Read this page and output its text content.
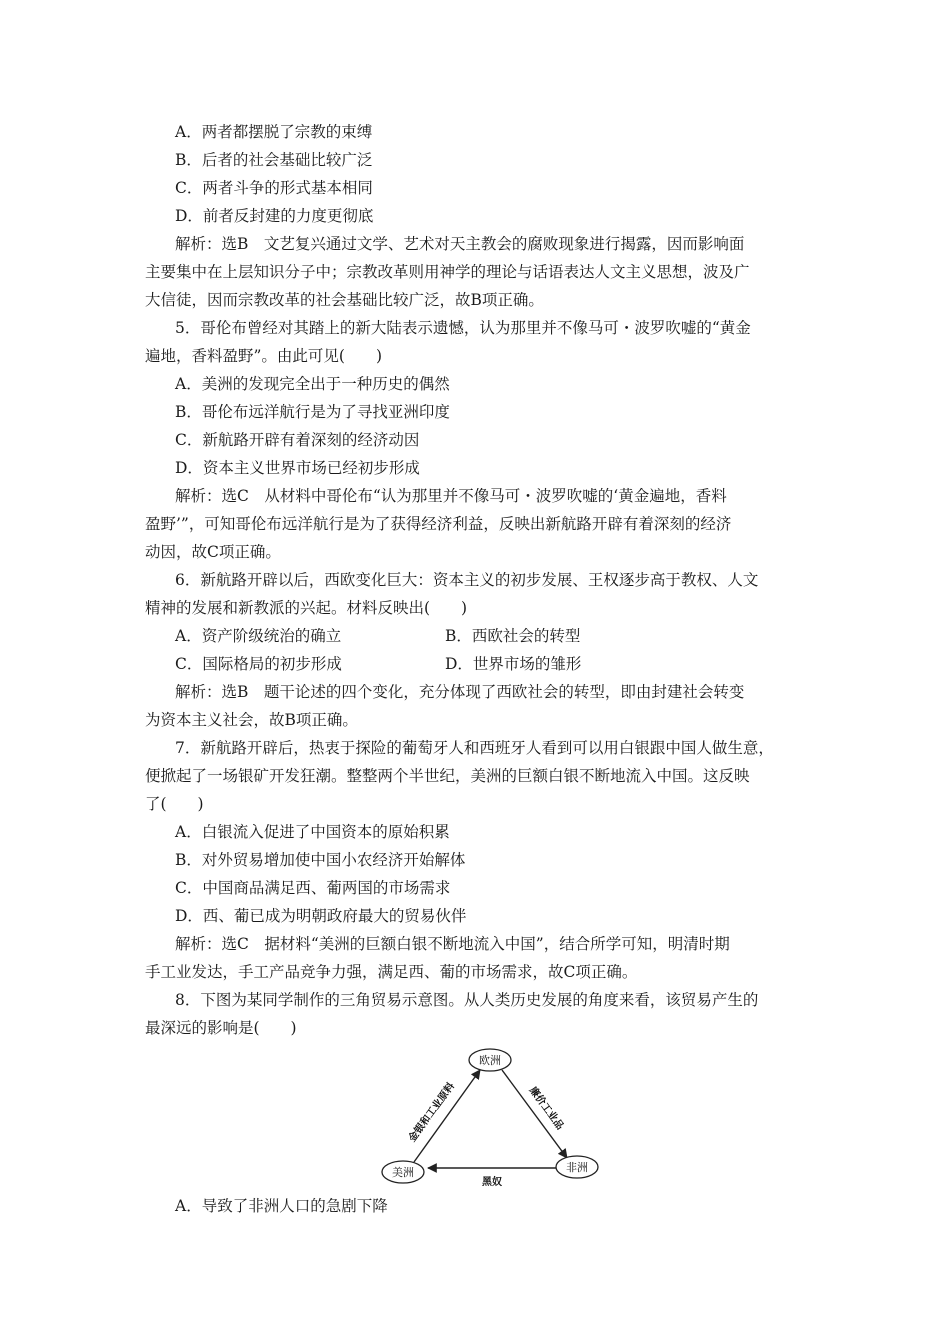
A．两者都摆脱了宗教的束缚
B．后者的社会基础比较广泛
C．两者斗争的形式基本相同
D．前者反封建的力度更彻底
解析：选B　文艺复兴通过文学、艺术对天主教会的腐败现象进行揭露，因而影响面
主要集中在上层知识分子中；宗教改革则用神学的理论与话语表达人文主义思想，波及广
大信徒，因而宗教改革的社会基础比较广泛，故B项正确。
5．哥伦布曾经对其踏上的新大陆表示遗憾，认为那里并不像马可・波罗吹嘘的“黄金
遍地，香料盈野”。由此可见(　　)
A．美洲的发现完全出于一种历史的偶然
B．哥伦布远洋航行是为了寻找亚洲印度
C．新航路开辟有着深刻的经济动因
D．资本主义世界市场已经初步形成
解析：选C　从材料中哥伦布“认为那里并不像马可・波罗吹嘘的‘黄金遍地，香料
盈野’”，可知哥伦布远洋航行是为了获得经济利益，反映出新航路开辟有着深刻的经济
动因，故C项正确。
6．新航路开辟以后，西欧变化巨大：资本主义的初步发展、王权逐步高于教权、人文
精神的发展和新教派的兴起。材料反映出(　　)
A．资产阶级统治的确立	B．西欧社会的转型
C．国际格局的初步形成	D．世界市场的雏形
解析：选B　题干论述的四个变化，充分体现了西欧社会的转型，即由封建社会转变
为资本主义社会，故B项正确。
7．新航路开辟后，热衷于探险的葡萄牙人和西班牙人看到可以用白银跟中国人做生意，
便掀起了一场银矿开发狂潮。整整两个半世纪，美洲的巨额白银不断地流入中国。这反映
了(　　)
A．白银流入促进了中国资本的原始积累
B．对外贸易增加使中国小农经济开始解体
C．中国商品满足西、葡两国的市场需求
D．西、葡已成为明朝政府最大的贸易伙伴
解析：选C　据材料“美洲的巨额白银不断地流入中国”，结合所学可知，明清时期
手工业发达，手工产品竞争力强，满足西、葡的市场需求，故C项正确。
8．下图为某同学制作的三角贸易示意图。从人类历史发展的角度来看，该贸易产生的
最深远的影响是(　　)
欧洲
美洲	非洲
金银和工业原料	廉价工业品
黑奴
A．导致了非洲人口的急剧下降
